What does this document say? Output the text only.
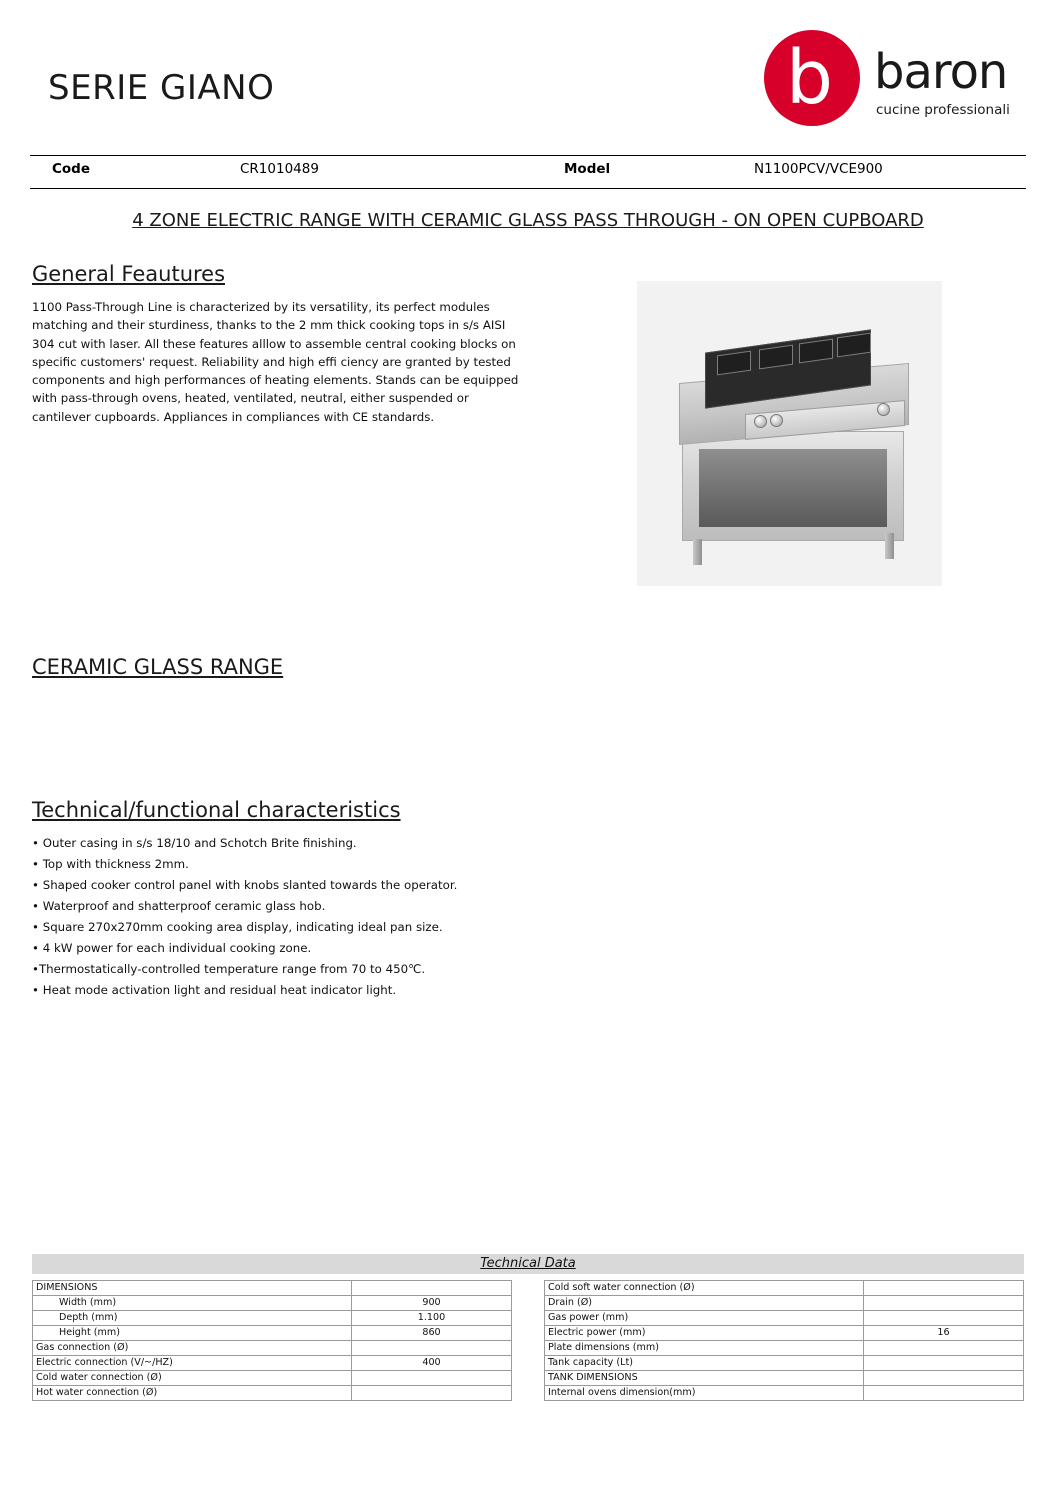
SERIE GIANO	b baron
cucine professionali
Code	CR1010489	Model	N1100PCV/VCE900
4 ZONE ELECTRIC RANGE WITH CERAMIC GLASS PASS THROUGH - ON OPEN CUPBOARD
General Feautures
1100 Pass-Through Line is characterized by its versatility, its perfect modules matching and their sturdiness, thanks to the 2 mm thick cooking tops in s/s AISI 304 cut with laser. All these features alllow to assemble central cooking blocks on specific customers' request. Reliability and high effi ciency are granted by tested components and high performances of heating elements. Stands can be equipped with pass-through ovens, heated, ventilated, neutral, either suspended or cantilever cupboards. Appliances in compliances with CE standards.
CERAMIC GLASS RANGE
Technical/functional characteristics
• Outer casing in s/s 18/10 and Schotch Brite finishing.
• Top with thickness 2mm.
• Shaped cooker control panel with knobs slanted towards the operator.
• Waterproof and shatterproof ceramic glass hob.
• Square 270x270mm cooking area display, indicating ideal pan size.
• 4 kW power for each individual cooking zone.
•Thermostatically-controlled temperature range from 70 to 450℃.
• Heat mode activation light and residual heat indicator light.
Technical Data
DIMENSIONS	
Width (mm)	900
Depth (mm)	1.100
Height (mm)	860
Gas connection (Ø)	
Electric connection (V/~/HZ)	400
Cold water connection (Ø)	
Hot water connection (Ø)	
Cold soft water connection (Ø)	
Drain (Ø)	
Gas power (mm)	
Electric power (mm)	16
Plate dimensions (mm)	
Tank capacity (Lt)	
TANK DIMENSIONS	
Internal ovens dimension(mm)	
